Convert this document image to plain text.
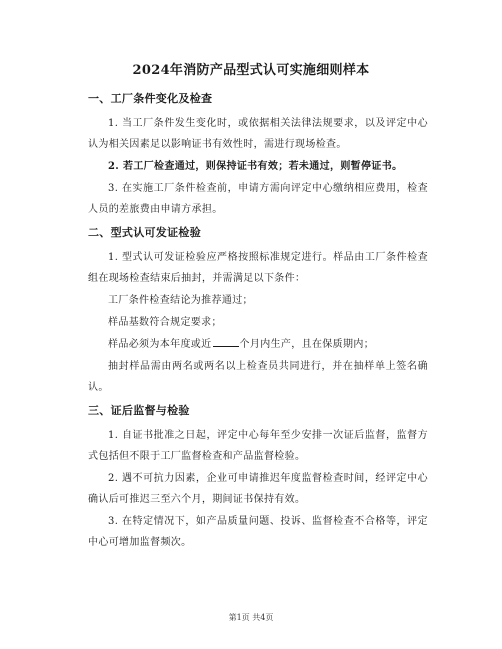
2024年消防产品型式认可实施细则样本
一、工厂条件变化及检查

1. 当工厂条件发生变化时，或依据相关法律法规要求，以及评定中心认为相关因素足以影响证书有效性时，需进行现场检查。

2. 若工厂检查通过，则保持证书有效；若未通过，则暂停证书。

3. 在实施工厂条件检查前，申请方需向评定中心缴纳相应费用，检查人员的差旅费由申请方承担。

二、型式认可发证检验

1. 型式认可发证检验应严格按照标准规定进行。样品由工厂条件检查组在现场检查结束后抽封，并需满足以下条件：

工厂条件检查结论为推荐通过；

样品基数符合规定要求；

样品必须为本年度或近	个月内生产，且在保质期内；

抽封样品需由两名或两名以上检查员共同进行，并在抽样单上签名确认。

三、证后监督与检验

1. 自证书批准之日起，评定中心每年至少安排一次证后监督，监督方式包括但不限于工厂监督检查和产品监督检验。

2. 遇不可抗力因素，企业可申请推迟年度监督检查时间，经评定中心确认后可推迟三至六个月，期间证书保持有效。

3. 在特定情况下，如产品质量问题、投诉、监督检查不合格等，评定中心可增加监督频次。

第1页 共4页
